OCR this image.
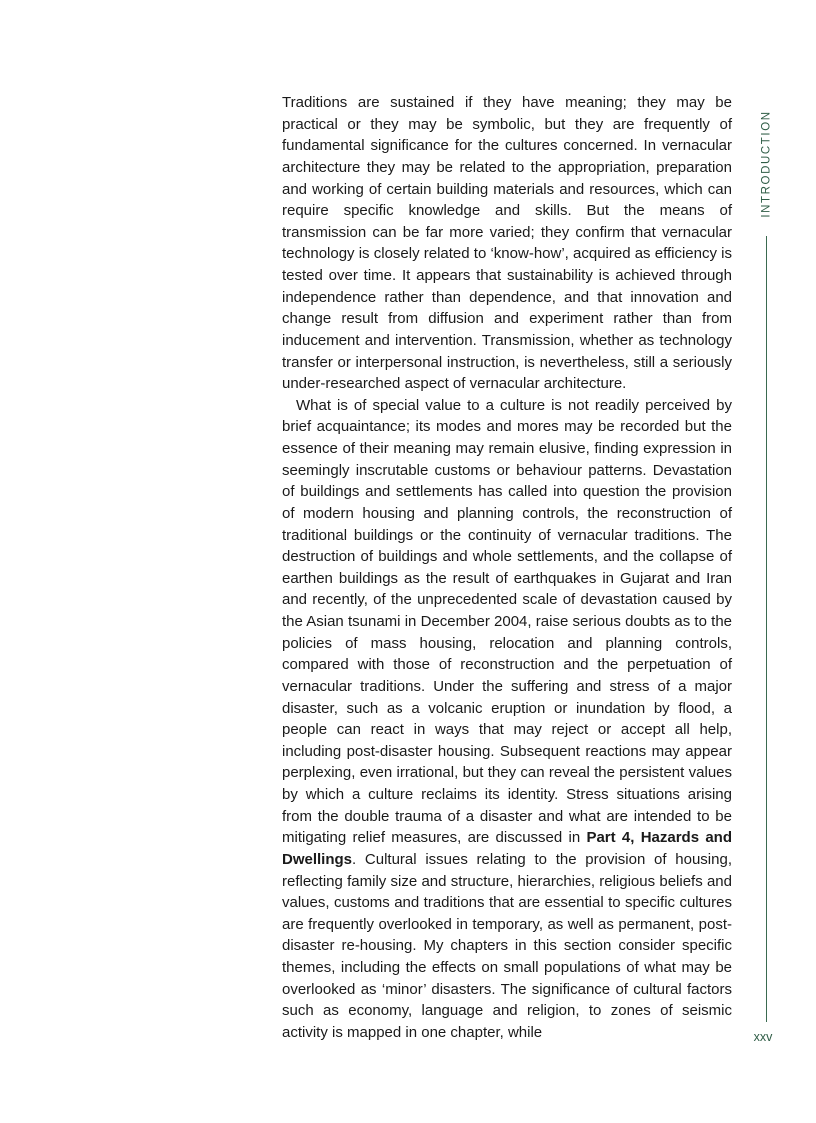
Traditions are sustained if they have meaning; they may be practical or they may be symbolic, but they are frequently of fundamental significance for the cultures concerned. In vernacular architecture they may be related to the appropriation, preparation and working of certain building materials and resources, which can require specific knowledge and skills. But the means of transmission can be far more varied; they confirm that vernacular technology is closely related to ‘know-how’, acquired as efficiency is tested over time. It appears that sustainability is achieved through independence rather than dependence, and that innovation and change result from diffusion and experiment rather than from inducement and intervention. Transmission, whether as technology transfer or interpersonal instruction, is nevertheless, still a seriously under-researched aspect of vernacular architecture.

What is of special value to a culture is not readily perceived by brief acquaintance; its modes and mores may be recorded but the essence of their meaning may remain elusive, finding expression in seemingly inscrutable customs or behaviour patterns. Devastation of buildings and settlements has called into question the provision of modern housing and planning controls, the reconstruction of traditional buildings or the continuity of vernacular traditions. The destruction of buildings and whole settlements, and the collapse of earthen buildings as the result of earthquakes in Gujarat and Iran and recently, of the unprecedented scale of devastation caused by the Asian tsunami in December 2004, raise serious doubts as to the policies of mass housing, relocation and planning controls, compared with those of reconstruction and the perpetuation of vernacular traditions. Under the suffering and stress of a major disaster, such as a volcanic eruption or inundation by flood, a people can react in ways that may reject or accept all help, including post-disaster housing. Subsequent reactions may appear perplexing, even irrational, but they can reveal the persistent values by which a culture reclaims its identity. Stress situations arising from the double trauma of a disaster and what are intended to be mitigating relief measures, are discussed in Part 4, Hazards and Dwellings. Cultural issues relating to the provision of housing, reflecting family size and structure, hierarchies, religious beliefs and values, customs and traditions that are essential to specific cultures are frequently overlooked in temporary, as well as permanent, post-disaster re-housing. My chapters in this section consider specific themes, including the effects on small populations of what may be overlooked as ‘minor’ disasters. The significance of cultural factors such as economy, language and religion, to zones of seismic activity is mapped in one chapter, while

INTRODUCTION
xxv
